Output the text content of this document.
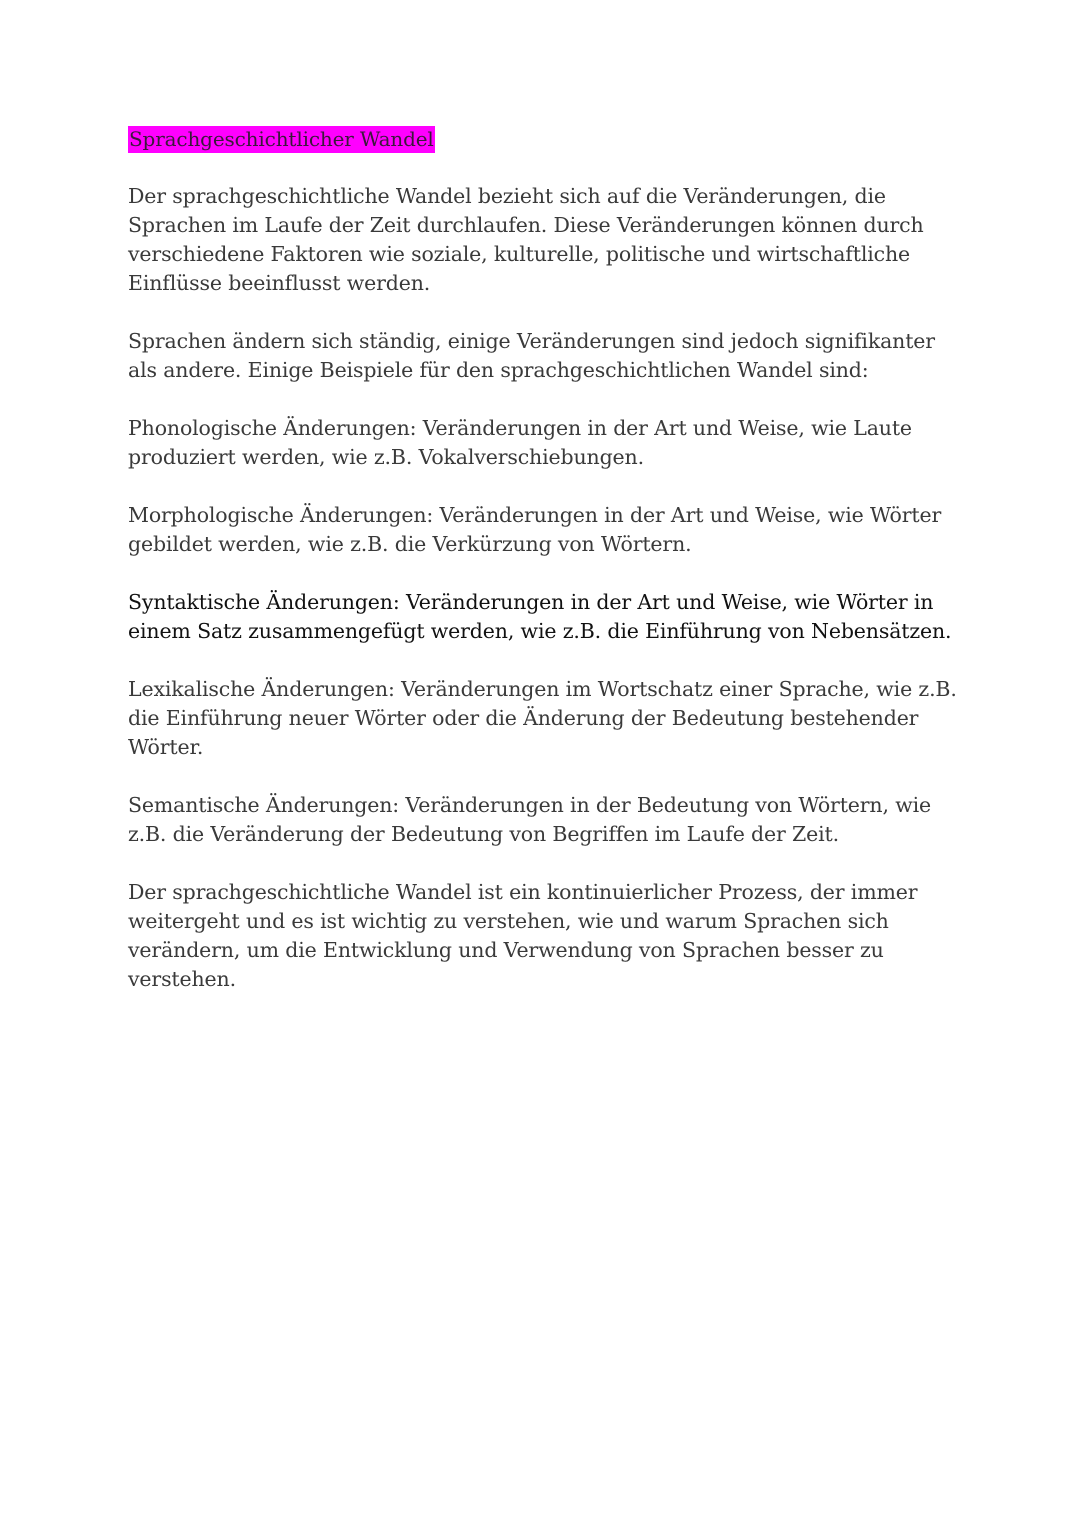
Sprachgeschichtlicher Wandel

Der sprachgeschichtliche Wandel bezieht sich auf die Veränderungen, die Sprachen im Laufe der Zeit durchlaufen. Diese Veränderungen können durch verschiedene Faktoren wie soziale, kulturelle, politische und wirtschaftliche Einflüsse beeinflusst werden.

Sprachen ändern sich ständig, einige Veränderungen sind jedoch signifikanter als andere. Einige Beispiele für den sprachgeschichtlichen Wandel sind:

Phonologische Änderungen: Veränderungen in der Art und Weise, wie Laute produziert werden, wie z.B. Vokalverschiebungen.

Morphologische Änderungen: Veränderungen in der Art und Weise, wie Wörter gebildet werden, wie z.B. die Verkürzung von Wörtern.

Syntaktische Änderungen: Veränderungen in der Art und Weise, wie Wörter in einem Satz zusammengefügt werden, wie z.B. die Einführung von Nebensätzen.

Lexikalische Änderungen: Veränderungen im Wortschatz einer Sprache, wie z.B. die Einführung neuer Wörter oder die Änderung der Bedeutung bestehender Wörter.

Semantische Änderungen: Veränderungen in der Bedeutung von Wörtern, wie z.B. die Veränderung der Bedeutung von Begriffen im Laufe der Zeit.

Der sprachgeschichtliche Wandel ist ein kontinuierlicher Prozess, der immer weitergeht und es ist wichtig zu verstehen, wie und warum Sprachen sich verändern, um die Entwicklung und Verwendung von Sprachen besser zu verstehen.
